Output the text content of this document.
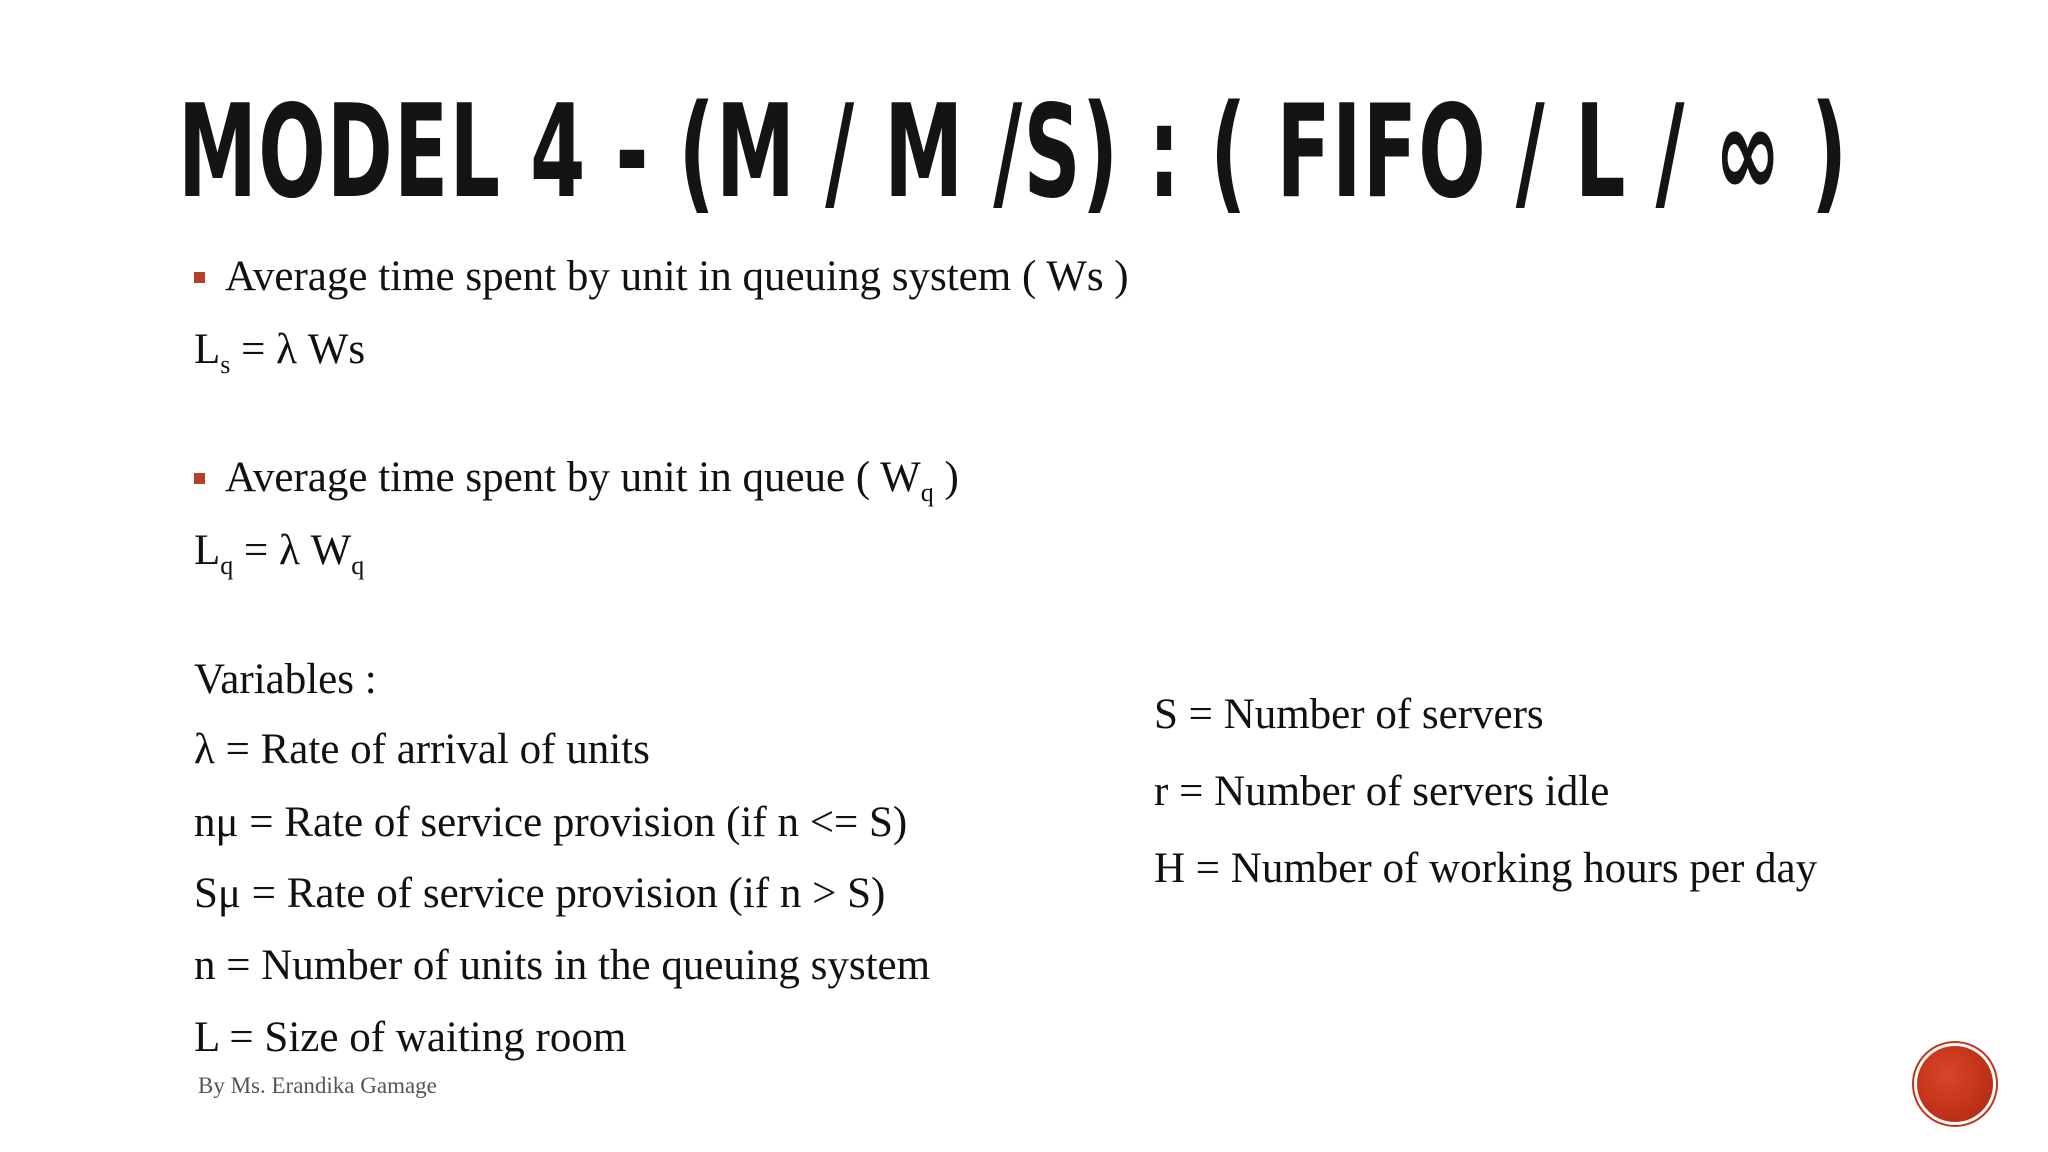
MODEL 4 - (M / M /S) : ( FIFO / L / ∞ )
Average time spent by unit in queuing system ( Ws )
$L_s = \lambda$ Ws
Average time spent by unit in queue ( $W_q$ )
$L_q = \lambda$ $W_q$
Variables :
λ = Rate of arrival of units
nμ = Rate of service provision (if n <= S)
Sμ = Rate of service provision (if n > S)
n = Number of units in the queuing system
L = Size of waiting room
S = Number of servers
r = Number of servers idle
H = Number of working hours per day
By Ms. Erandika Gamage
